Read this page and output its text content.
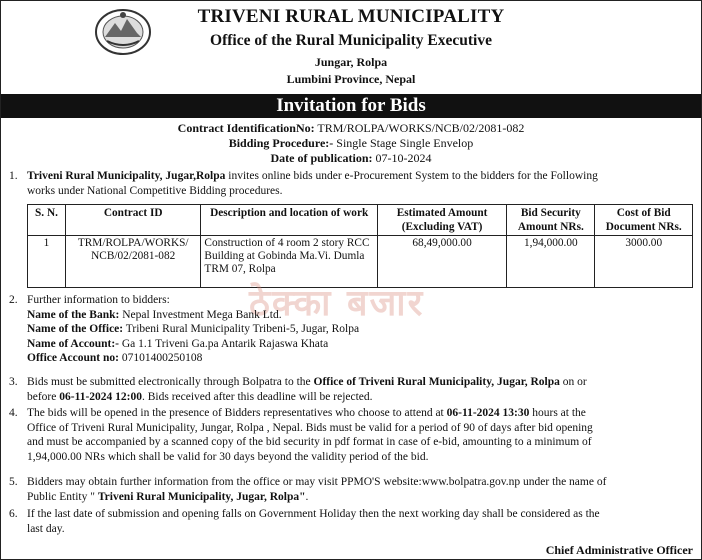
TRIVENI RURAL MUNICIPALITY
Office of the Rural Municipality Executive
Jungar, Rolpa
Lumbini Province, Nepal
Invitation for Bids
Contract IdentificationNo: TRM/ROLPA/WORKS/NCB/02/2081-082
Bidding Procedure:- Single Stage Single Envelop
Date of publication: 07-10-2024
1. Triveni Rural Municipality, Jugar,Rolpa invites online bids under e-Procurement System to the bidders for the Following
works under National Competitive Bidding procedures.
S. N.	Contract ID	Description and location of work	Estimated Amount (Excluding VAT)	Bid Security Amount NRs.	Cost of Bid Document NRs.
1	TRM/ROLPA/WORKS/ NCB/02/2081-082	Construction of 4 room 2 story RCC Building at Gobinda Ma.Vi. Dumla TRM 07, Rolpa	68,49,000.00	1,94,000.00	3000.00
ठेक्का बजार
2. Further information to bidders:
Name of the Bank: Nepal Investment Mega Bank Ltd.
Name of the Office: Tribeni Rural Municipality Tribeni-5, Jugar, Rolpa
Name of Account:- Ga 1.1 Triveni Ga.pa Antarik Rajaswa Khata
Office Account no: 07101400250108
3. Bids must be submitted electronically through Bolpatra to the Office of Triveni Rural Municipality, Jugar, Rolpa on or
before 06-11-2024 12:00. Bids received after this deadline will be rejected.
4. The bids will be opened in the presence of Bidders representatives who choose to attend at 06-11-2024 13:30 hours at the
Office of Triveni Rural Municipality, Jungar, Rolpa , Nepal. Bids must be valid for a period of 90 of days after bid opening
and must be accompanied by a scanned copy of the bid security in pdf format in case of e-bid, amounting to a minimum of
1,94,000.00 NRs which shall be valid for 30 days beyond the validity period of the bid.
5. Bidders may obtain further information from the office or may visit PPMO'S website:www.bolpatra.gov.np under the name of
Public Entity " Triveni Rural Municipality, Jugar, Rolpa".
6. If the last date of submission and opening falls on Government Holiday then the next working day shall be considered as the
last day.
Chief Administrative Officer
